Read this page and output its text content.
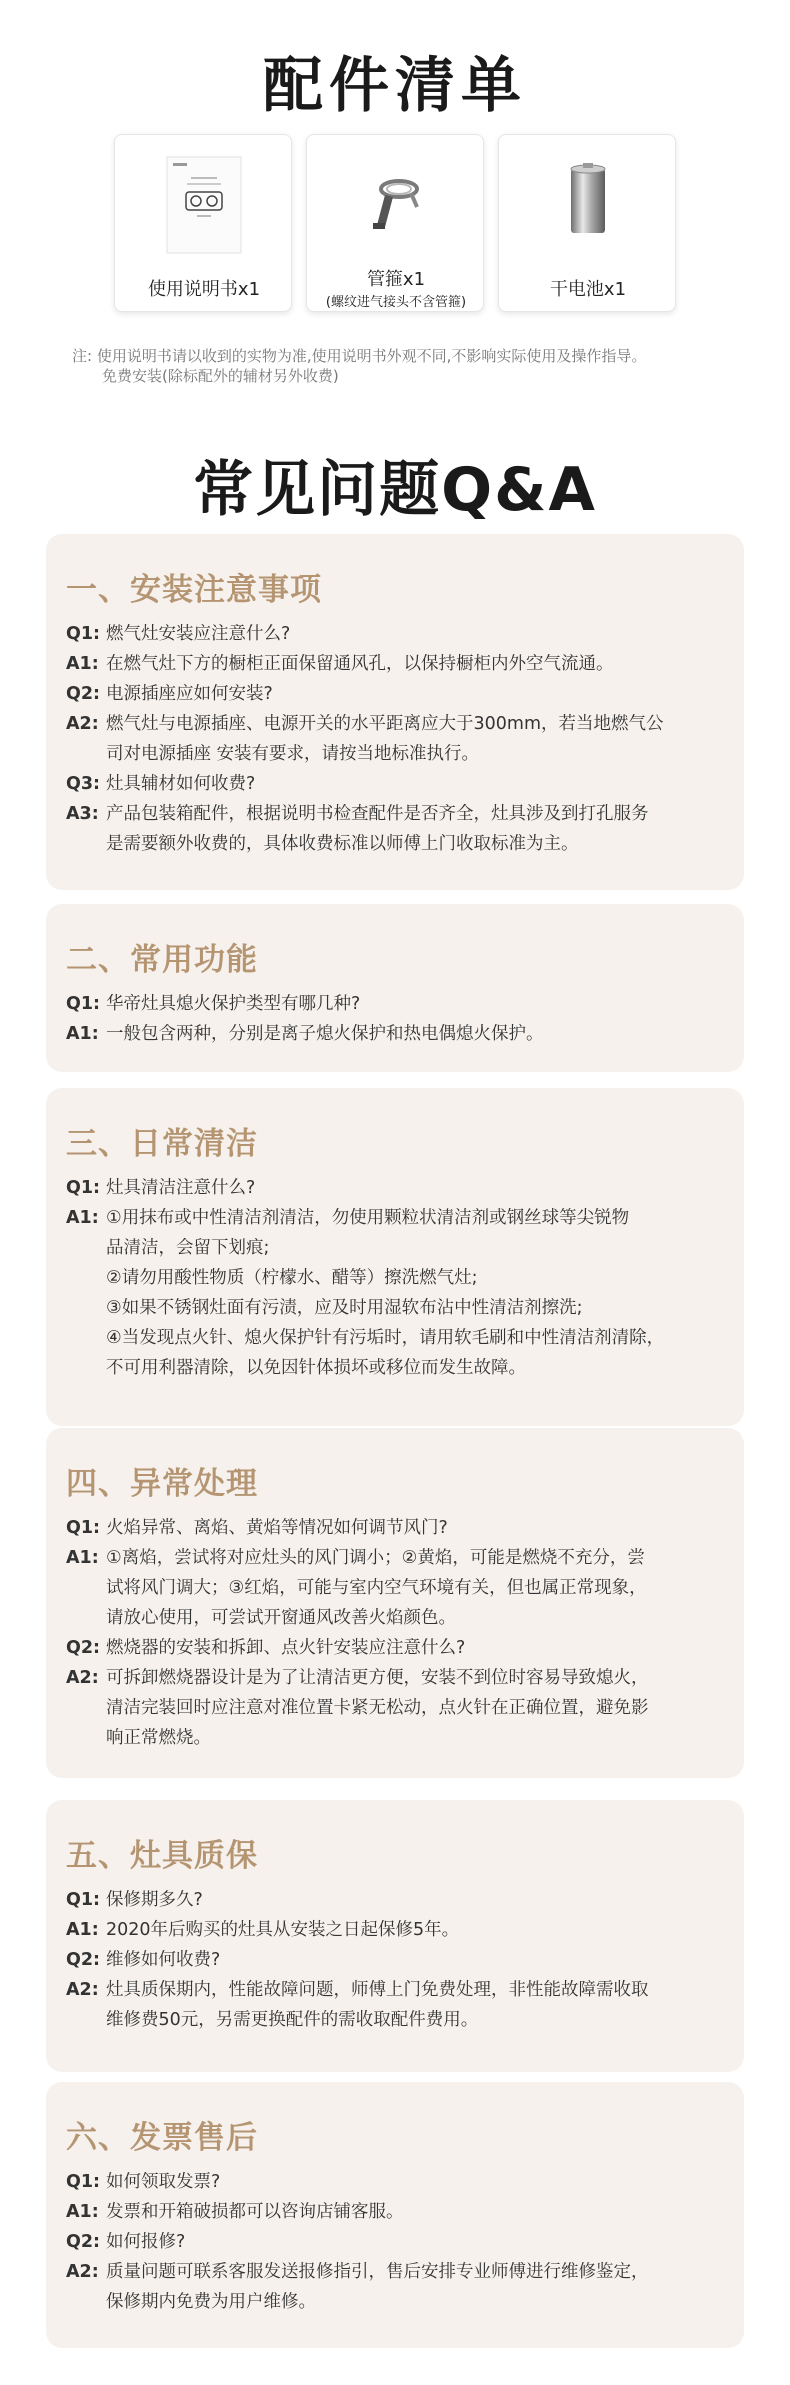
配件清单
使用说明书x1	管箍x1
(螺纹进气接头不含管箍)
干电池x1
注: 使用说明书请以收到的实物为准,使用说明书外观不同,不影响实际使用及操作指导。
免费安装(除标配外的辅材另外收费)
常见问题Q&A
一、安装注意事项
Q1: 燃气灶安装应注意什么?
A1: 在燃气灶下方的橱柜正面保留通风孔，以保持橱柜内外空气流通。
Q2: 电源插座应如何安装?
A2: 燃气灶与电源插座、电源开关的水平距离应大于300mm，若当地燃气公
司对电源插座 安装有要求，请按当地标准执行。
Q3: 灶具辅材如何收费?
A3: 产品包装箱配件，根据说明书检查配件是否齐全，灶具涉及到打孔服务
是需要额外收费的，具体收费标准以师傅上门收取标准为主。
二、常用功能
Q1: 华帝灶具熄火保护类型有哪几种?
A1: 一般包含两种，分别是离子熄火保护和热电偶熄火保护。
三、日常清洁
Q1: 灶具清洁注意什么?
A1: ①用抹布或中性清洁剂清洁，勿使用颗粒状清洁剂或钢丝球等尖锐物
品清洁，会留下划痕;
②请勿用酸性物质（柠檬水、醋等）擦洗燃气灶;
③如果不锈钢灶面有污渍，应及时用湿软布沾中性清洁剂擦洗;
④当发现点火针、熄火保护针有污垢时，请用软毛刷和中性清洁剂清除，
不可用利器清除，以免因针体损坏或移位而发生故障。
四、异常处理
Q1: 火焰异常、离焰、黄焰等情况如何调节风门?
A1: ①离焰，尝试将对应灶头的风门调小；②黄焰，可能是燃烧不充分，尝
试将风门调大；③红焰，可能与室内空气环境有关，但也属正常现象，
请放心使用，可尝试开窗通风改善火焰颜色。
Q2: 燃烧器的安装和拆卸、点火针安装应注意什么?
A2: 可拆卸燃烧器设计是为了让清洁更方便，安装不到位时容易导致熄火，
清洁完装回时应注意对准位置卡紧无松动，点火针在正确位置，避免影
响正常燃烧。
五、灶具质保
Q1: 保修期多久?
A1: 2020年后购买的灶具从安装之日起保修5年。
Q2: 维修如何收费?
A2: 灶具质保期内，性能故障问题，师傅上门免费处理，非性能故障需收取
维修费50元，另需更换配件的需收取配件费用。
六、发票售后
Q1: 如何领取发票?
A1: 发票和开箱破损都可以咨询店铺客服。
Q2: 如何报修?
A2: 质量问题可联系客服发送报修指引，售后安排专业师傅进行维修鉴定，
保修期内免费为用户维修。
